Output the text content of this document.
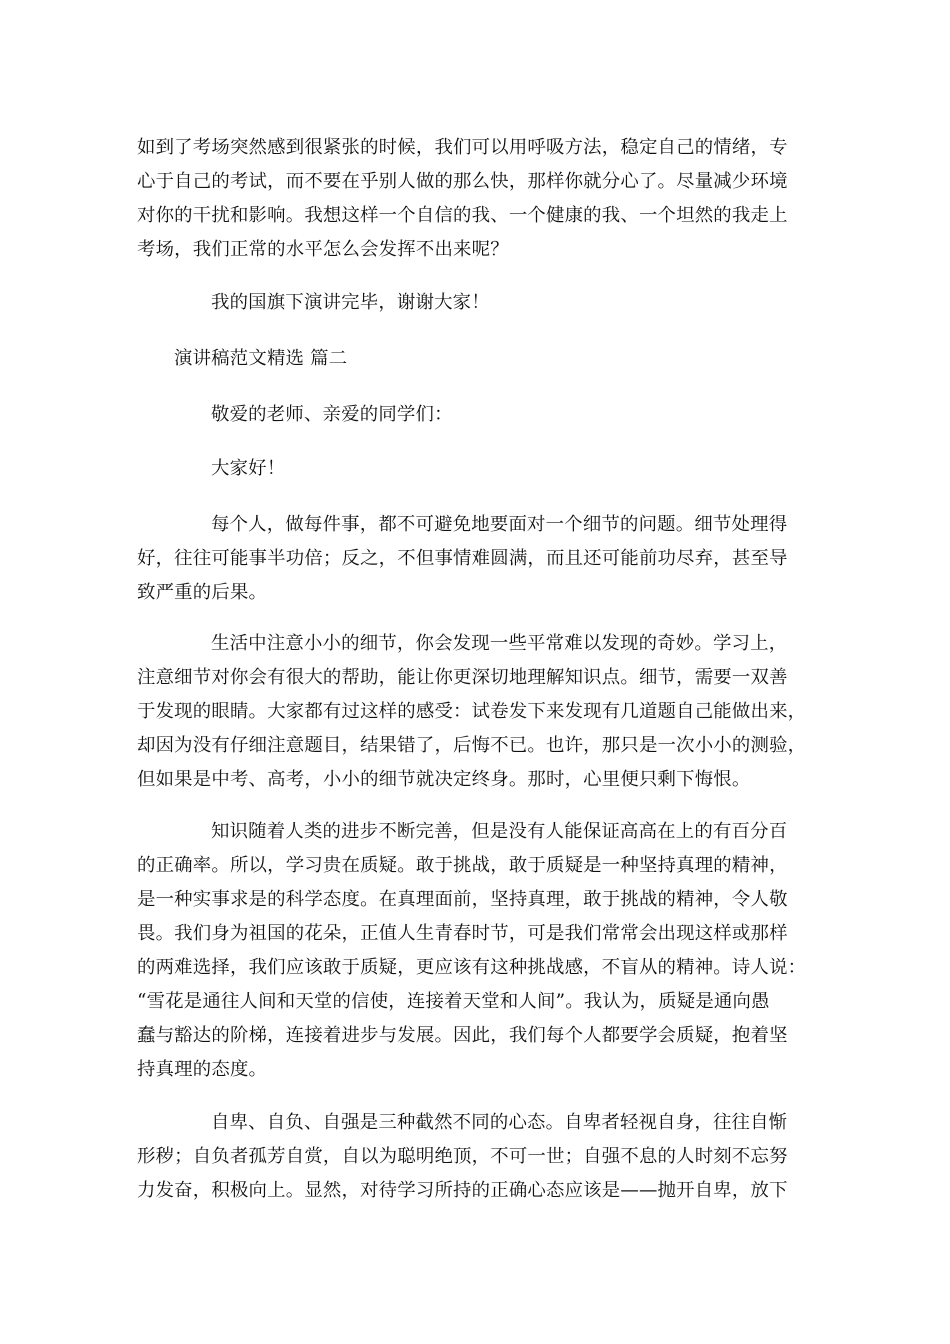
如到了考场突然感到很紧张的时候，我们可以用呼吸方法，稳定自己的情绪，专
心于自己的考试，而不要在乎别人做的那么快，那样你就分心了。尽量减少环境
对你的干扰和影响。我想这样一个自信的我、一个健康的我、一个坦然的我走上
考场，我们正常的水平怎么会发挥不出来呢？
我的国旗下演讲完毕，谢谢大家！
演讲稿范文精选 篇二
敬爱的老师、亲爱的同学们：
大家好！
每个人，做每件事，都不可避免地要面对一个细节的问题。细节处理得
好，往往可能事半功倍；反之，不但事情难圆满，而且还可能前功尽弃，甚至导
致严重的后果。
生活中注意小小的细节，你会发现一些平常难以发现的奇妙。学习上，
注意细节对你会有很大的帮助，能让你更深切地理解知识点。细节，需要一双善
于发现的眼睛。大家都有过这样的感受：试卷发下来发现有几道题自己能做出来，
却因为没有仔细注意题目，结果错了，后悔不已。也许，那只是一次小小的测验，
但如果是中考、高考，小小的细节就决定终身。那时，心里便只剩下悔恨。
知识随着人类的进步不断完善，但是没有人能保证高高在上的有百分百
的正确率。所以，学习贵在质疑。敢于挑战，敢于质疑是一种坚持真理的精神，
是一种实事求是的科学态度。在真理面前，坚持真理，敢于挑战的精神，令人敬
畏。我们身为祖国的花朵，正值人生青春时节，可是我们常常会出现这样或那样
的两难选择，我们应该敢于质疑，更应该有这种挑战感，不盲从的精神。诗人说：
“雪花是通往人间和天堂的信使，连接着天堂和人间”。我认为，质疑是通向愚
蠢与豁达的阶梯，连接着进步与发展。因此，我们每个人都要学会质疑，抱着坚
持真理的态度。
自卑、自负、自强是三种截然不同的心态。自卑者轻视自身，往往自惭
形秽；自负者孤芳自赏，自以为聪明绝顶，不可一世；自强不息的人时刻不忘努
力发奋，积极向上。显然，对待学习所持的正确心态应该是——抛开自卑，放下
